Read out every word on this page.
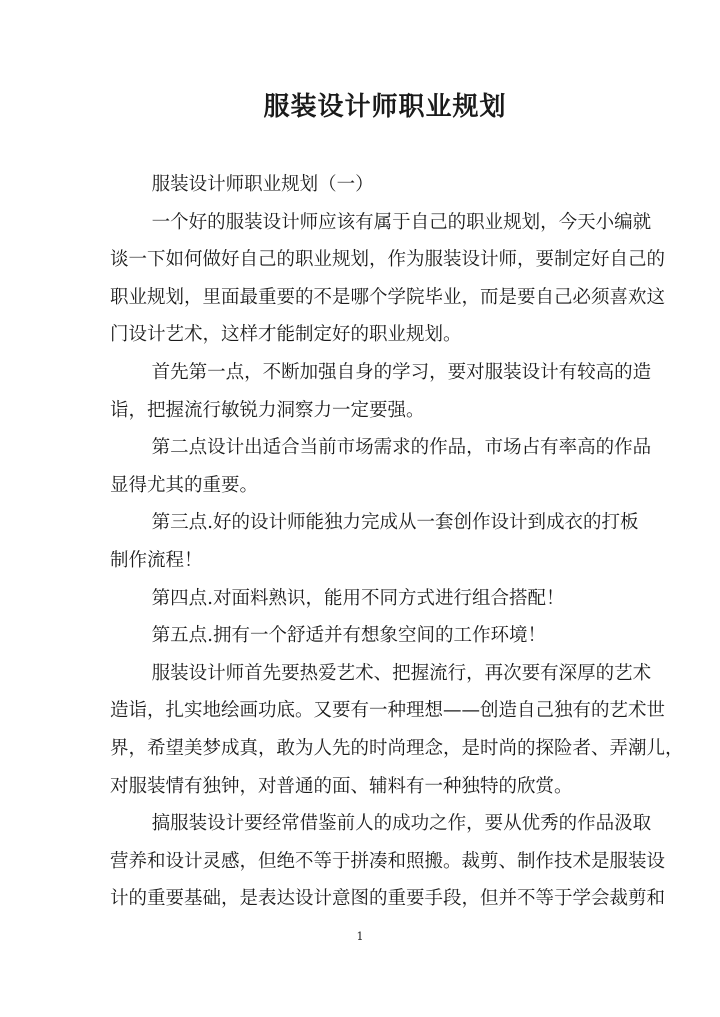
服装设计师职业规划
服装设计师职业规划（一）
一个好的服装设计师应该有属于自己的职业规划，今天小编就
谈一下如何做好自己的职业规划，作为服装设计师，要制定好自己的
职业规划，里面最重要的不是哪个学院毕业，而是要自己必须喜欢这
门设计艺术，这样才能制定好的职业规划。
首先第一点，不断加强自身的学习，要对服装设计有较高的造
诣，把握流行敏锐力洞察力一定要强。
第二点设计出适合当前市场需求的作品，市场占有率高的作品
显得尤其的重要。
第三点.好的设计师能独力完成从一套创作设计到成衣的打板
制作流程！
第四点.对面料熟识，能用不同方式进行组合搭配！
第五点.拥有一个舒适并有想象空间的工作环境！
服装设计师首先要热爱艺术、把握流行，再次要有深厚的艺术
造诣，扎实地绘画功底。又要有一种理想——创造自己独有的艺术世
界，希望美梦成真，敢为人先的时尚理念，是时尚的探险者、弄潮儿，
对服装情有独钟，对普通的面、辅料有一种独特的欣赏。
搞服装设计要经常借鉴前人的成功之作，要从优秀的作品汲取
营养和设计灵感，但绝不等于拼凑和照搬。裁剪、制作技术是服装设
计的重要基础，是表达设计意图的重要手段，但并不等于学会裁剪和
1
